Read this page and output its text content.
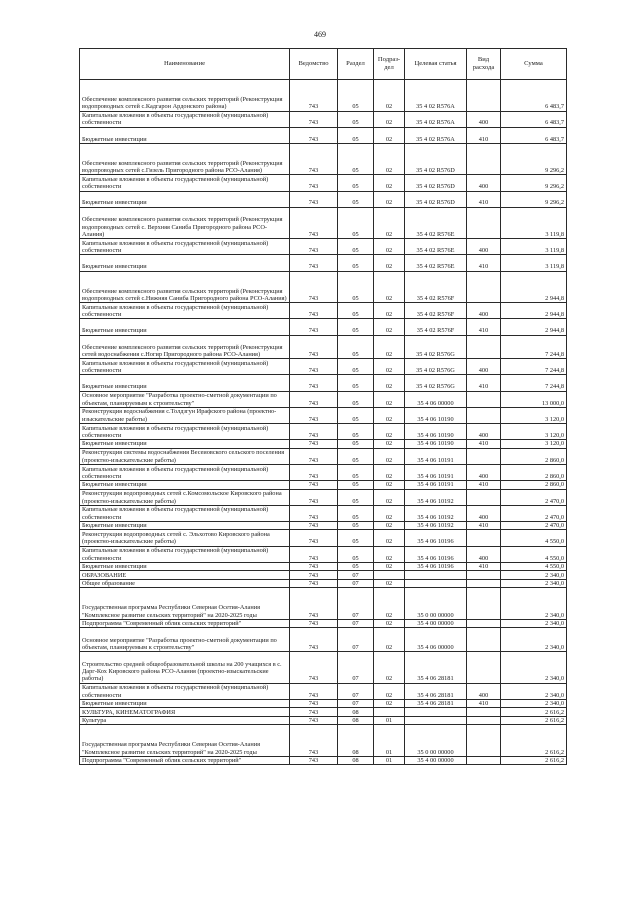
469
Наименование	Ведомство	Раздел	Подраз-дел	Целевая статья	Вид расхода	Сумма
Обеспечение комплексного развития сельских территорий (Реконструкция водопроводных сетей с.Кадгарон Ардонского района)	743	05	02	35 4 02 R576A		6 483,7
Капитальные вложения в объекты государственной (муниципальной) собственности	743	05	02	35 4 02 R576A	400	6 483,7
Бюджетные инвестиции	743	05	02	35 4 02 R576A	410	6 483,7
Обеспечение комплексного развития сельских территорий (Реконструкция водопроводных сетей с.Гизель Пригородного района РСО-Алания)	743	05	02	35 4 02 R576D		9 296,2
Капитальные вложения в объекты государственной (муниципальной) собственности	743	05	02	35 4 02 R576D	400	9 296,2
Бюджетные инвестиции	743	05	02	35 4 02 R576D	410	9 296,2
Обеспечение комплексного развития сельских территорий (Реконструкция водопроводных сетей с. Верхняя Саниба Пригородного района РСО-Алания)	743	05	02	35 4 02 R576E		3 119,8
Капитальные вложения в объекты государственной (муниципальной) собственности	743	05	02	35 4 02 R576E	400	3 119,8
Бюджетные инвестиции	743	05	02	35 4 02 R576E	410	3 119,8
Обеспечение комплексного развития сельских территорий (Реконструкция водопроводных сетей с.Нижняя Саниба Пригородного района РСО-Алания)	743	05	02	35 4 02 R576F		2 944,8
Капитальные вложения в объекты государственной (муниципальной) собственности	743	05	02	35 4 02 R576F	400	2 944,8
Бюджетные инвестиции	743	05	02	35 4 02 R576F	410	2 944,8
Обеспечение комплексного развития сельских территорий (Реконструкция сетей водоснабжения с.Ногир Пригородного района РСО-Алания)	743	05	02	35 4 02 R576G		7 244,8
Капитальные вложения в объекты государственной (муниципальной) собственности	743	05	02	35 4 02 R576G	400	7 244,8
Бюджетные инвестиции	743	05	02	35 4 02 R576G	410	7 244,8
Основное мероприятие "Разработка проектно-сметной документации по объектам, планируемым к строительству"	743	05	02	35 4 06 00000		13 000,0
Реконструкция водоснабжения с.Толдзгун Ирафского района (проектно-изыскательские работы)	743	05	02	35 4 06 10190		3 120,0
Капитальные вложения в объекты государственной (муниципальной) собственности	743	05	02	35 4 06 10190	400	3 120,0
Бюджетные инвестиции	743	05	02	35 4 06 10190	410	3 120,0
Реконструкция системы водоснабжения Весеиовского сельского поселения (проектно-изыскательские работы)	743	05	02	35 4 06 10191		2 860,0
Капитальные вложения в объекты государственной (муниципальной) собственности	743	05	02	35 4 06 10191	400	2 860,0
Бюджетные инвестиции	743	05	02	35 4 06 10191	410	2 860,0
Реконструкция водопроводных сетей с.Комсомольское Кировского района (проектно-изыскательские работы)	743	05	02	35 4 06 10192		2 470,0
Капитальные вложения в объекты государственной (муниципальной) собственности	743	05	02	35 4 06 10192	400	2 470,0
Бюджетные инвестиции	743	05	02	35 4 06 10192	410	2 470,0
Реконструкция водопроводных сетей с. Эльхотово Кировского района (проектно-изыскательские работы)	743	05	02	35 4 06 10196		4 550,0
Капитальные вложения в объекты государственной (муниципальной) собственности	743	05	02	35 4 06 10196	400	4 550,0
Бюджетные инвестиции	743	05	02	35 4 06 10196	410	4 550,0
ОБРАЗОВАНИЕ	743	07				2 340,0
Общее образование	743	07	02			2 340,0
Государственная программа Республики Северная Осетия-Алания "Комплексное развитие сельских территорий" на 2020-2025 годы	743	07	02	35 0 00 00000		2 340,0
Подпрограмма "Современный облик сельских территорий"	743	07	02	35 4 00 00000		2 340,0
Основное мероприятие "Разработка проектно-сметной документации по объектам, планируемым к строительству"	743	07	02	35 4 06 00000		2 340,0
Строительство средней общеобразовательной школы на 200 учащихся в с. Дарг-Кох Кировского района РСО-Алания (проектно-изыскательские работы)	743	07	02	35 4 06 28181		2 340,0
Капитальные вложения в объекты государственной (муниципальной) собственности	743	07	02	35 4 06 28181	400	2 340,0
Бюджетные инвестиции	743	07	02	35 4 06 28181	410	2 340,0
КУЛЬТУРА, КИНЕМАТОГРАФИЯ	743	08				2 616,2
Культура	743	08	01			2 616,2
Государственная программа Республики Северная Осетия-Алания "Комплексное развитие сельских территорий" на 2020-2025 годы	743	08	01	35 0 00 00000		2 616,2
Подпрограмма "Современный облик сельских территорий"	743	08	01	35 4 00 00000		2 616,2
